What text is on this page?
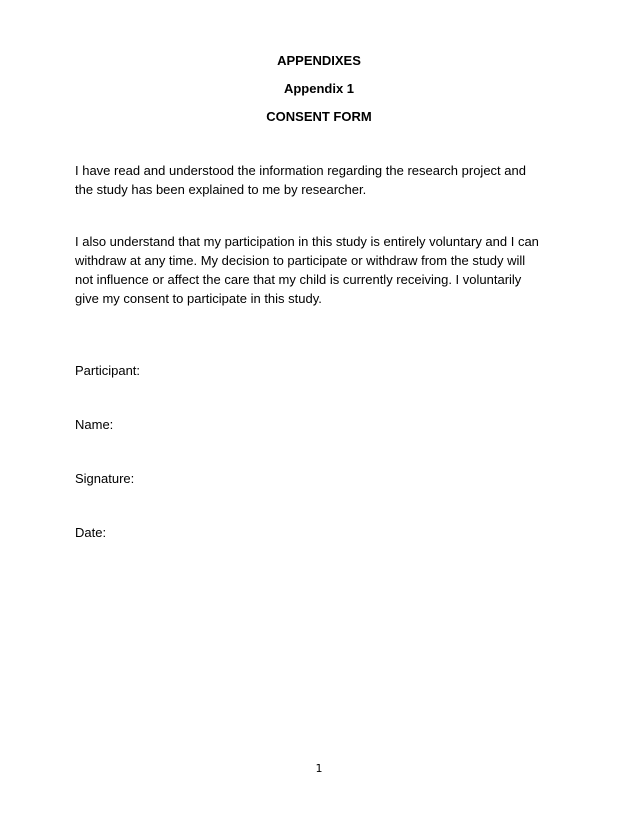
APPENDIXES
Appendix 1
CONSENT FORM

I have read and understood the information regarding the research project and the study has been explained to me by researcher.

I also understand that my participation in this study is entirely voluntary and I can withdraw at any time. My decision to participate or withdraw from the study will not influence or affect the care that my child is currently receiving. I voluntarily give my consent to participate in this study.

Participant:
Name:
Signature:
Date:
1
